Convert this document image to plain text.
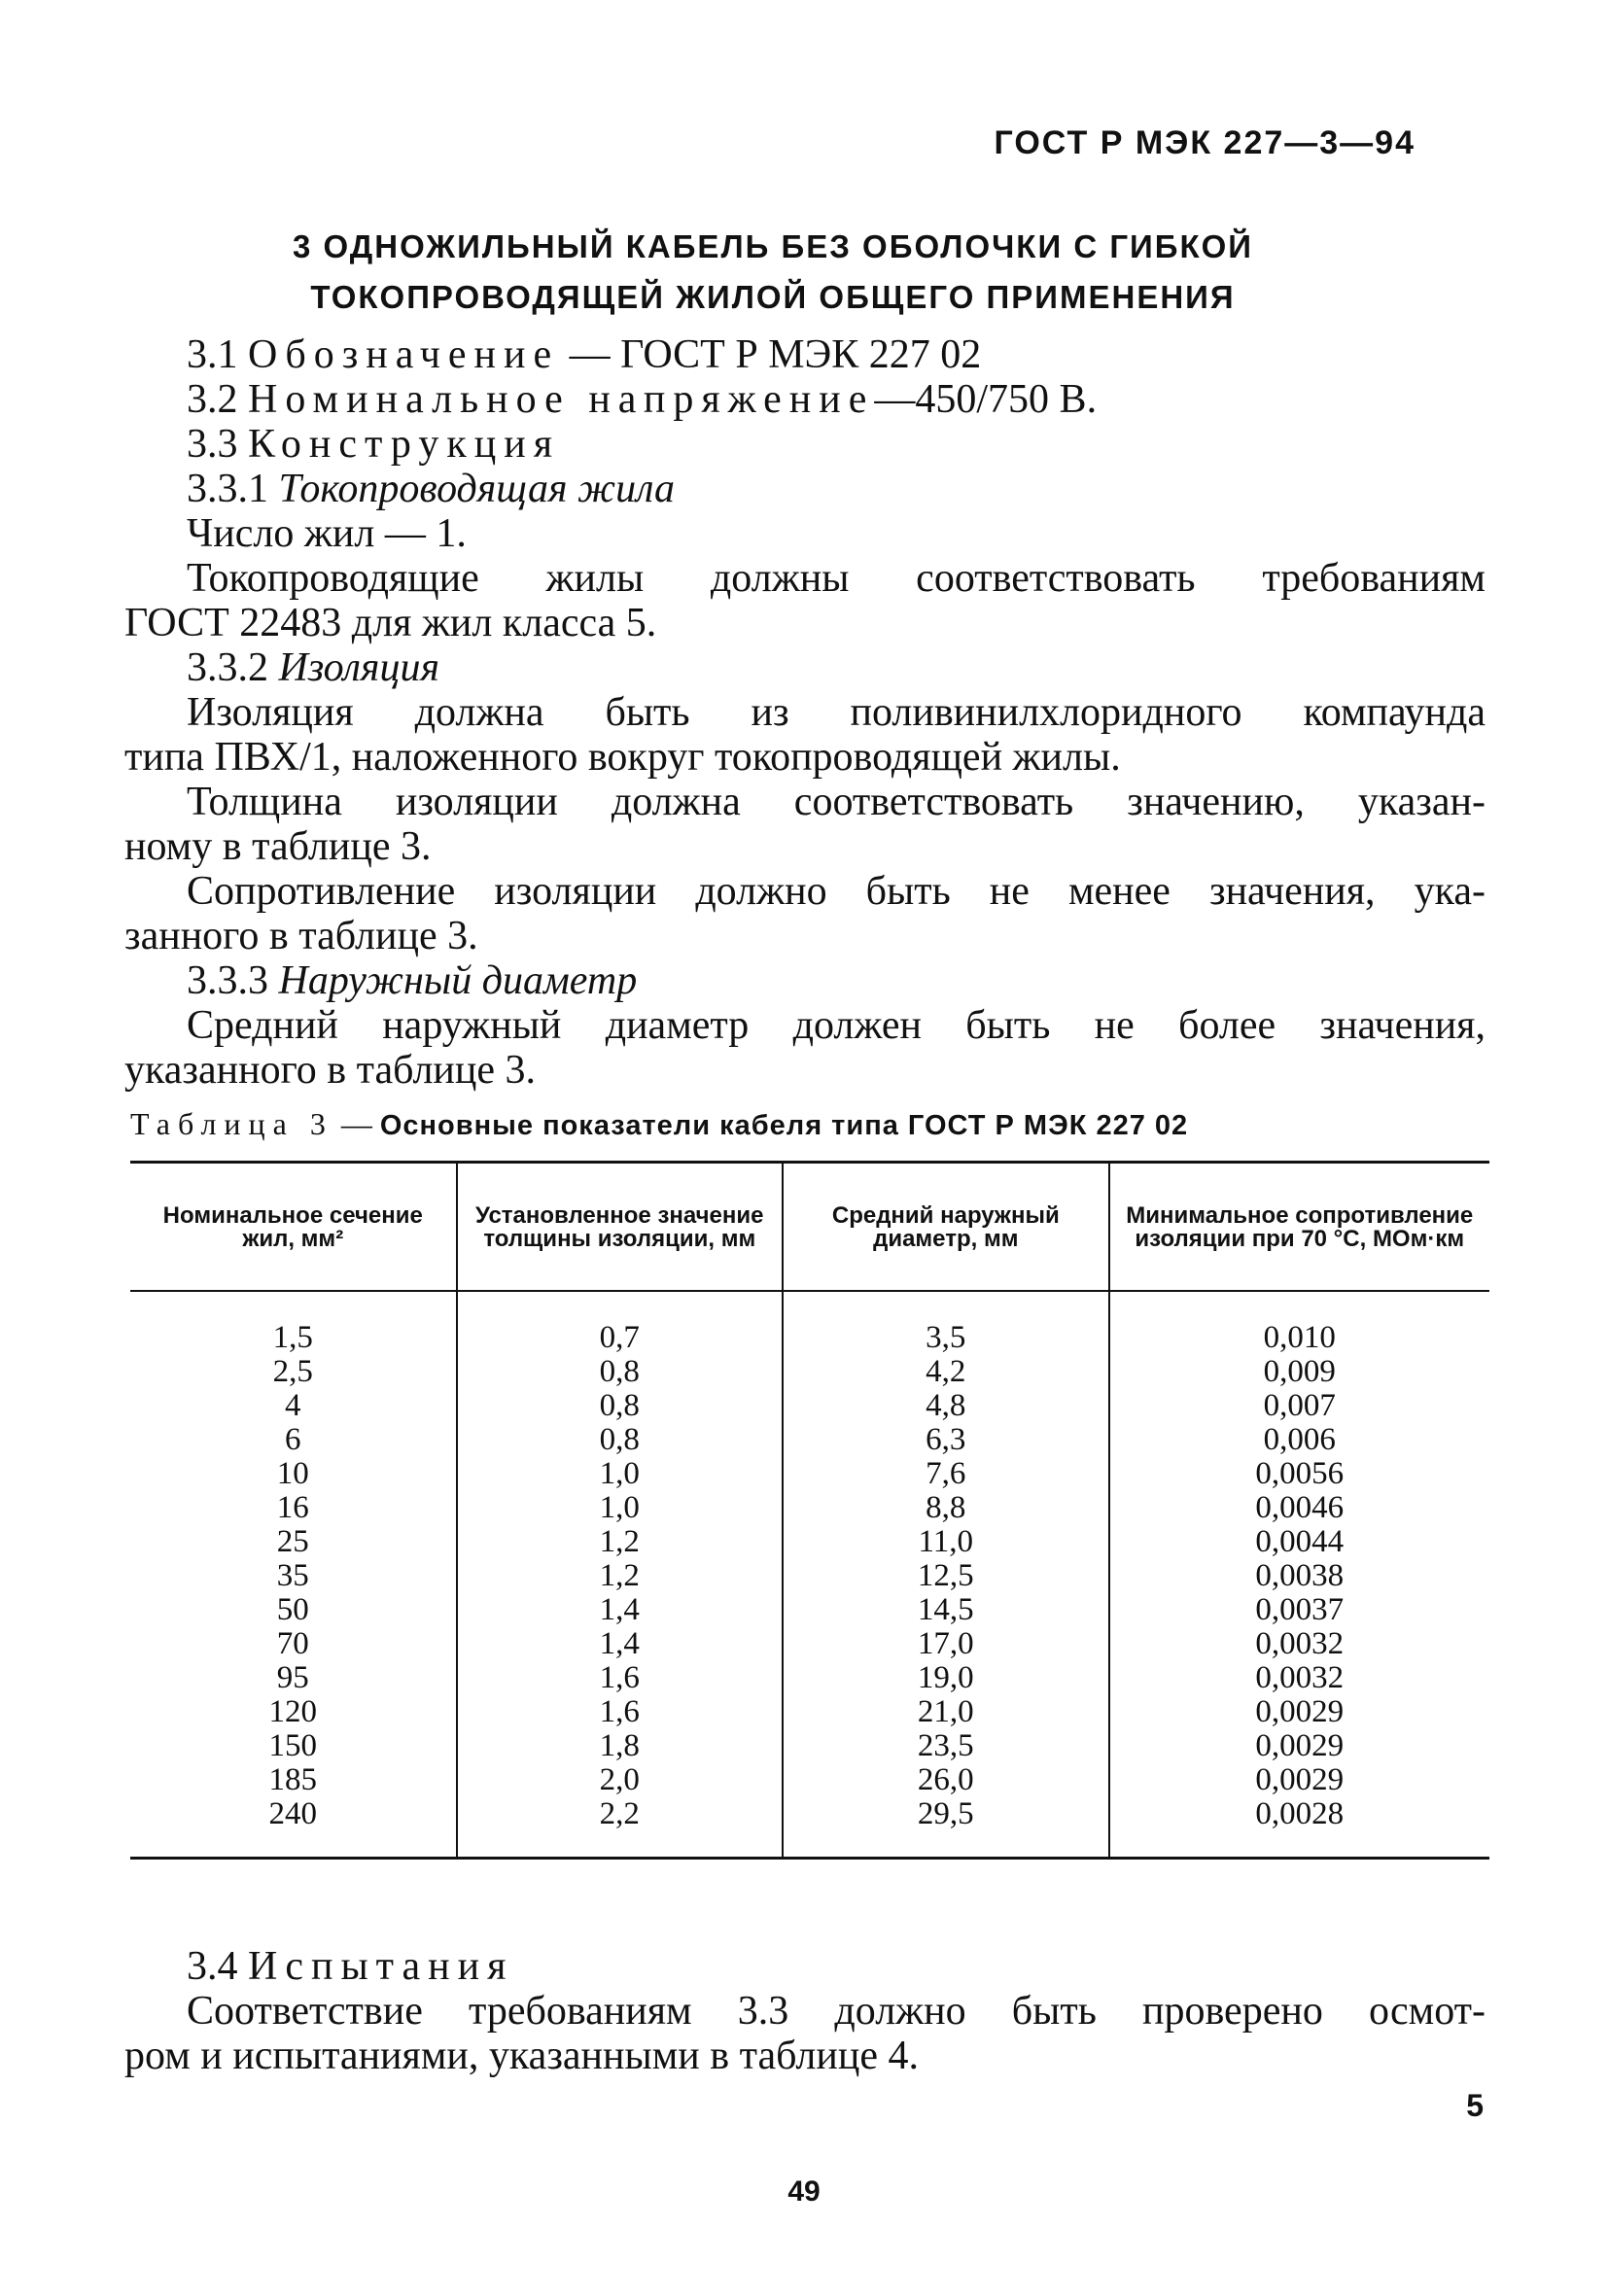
ГОСТ Р МЭК 227—3—94
3 ОДНОЖИЛЬНЫЙ КАБЕЛЬ БЕЗ ОБОЛОЧКИ С ГИБКОЙ
ТОКОПРОВОДЯЩЕЙ ЖИЛОЙ ОБЩЕГО ПРИМЕНЕНИЯ

3.1 Обозначение — ГОСТ Р МЭК 227 02

3.2 Номинальное напряжение—450/750 В.

3.3 Конструкция

3.3.1 Токопроводящая жила

Число жил — 1.

Токопроводящие жилы должны соответствовать требованиям

ГОСТ 22483 для жил класса 5.

3.3.2 Изоляция

Изоляция должна быть из поливинилхлоридного компаунда

типа ПВХ/1, наложенного вокруг токопроводящей жилы.

Толщина изоляции должна соответствовать значению, указан-

ному в таблице 3.

Сопротивление изоляции должно быть не менее значения, ука-

занного в таблице 3.

3.3.3 Наружный диаметр

Средний наружный диаметр должен быть не более значения,

указанного в таблице 3.

Таблица 3 — Основные показатели кабеля типа ГОСТ Р МЭК 227 02
Номинальное сечение жил, мм²	Установленное значение толщины изоляции, мм	Средний наружный диаметр, мм	Минимальное сопротивление изоляции при 70 °С, МОм·км
1,5	0,7	3,5	0,010
2,5	0,8	4,2	0,009
4	0,8	4,8	0,007
6	0,8	6,3	0,006
10	1,0	7,6	0,0056
16	1,0	8,8	0,0046
25	1,2	11,0	0,0044
35	1,2	12,5	0,0038
50	1,4	14,5	0,0037
70	1,4	17,0	0,0032
95	1,6	19,0	0,0032
120	1,6	21,0	0,0029
150	1,8	23,5	0,0029
185	2,0	26,0	0,0029
240	2,2	29,5	0,0028

3.4 Испытания

Соответствие требованиям 3.3 должно быть проверено осмот-

ром и испытаниями, указанными в таблице 4.

5
49
